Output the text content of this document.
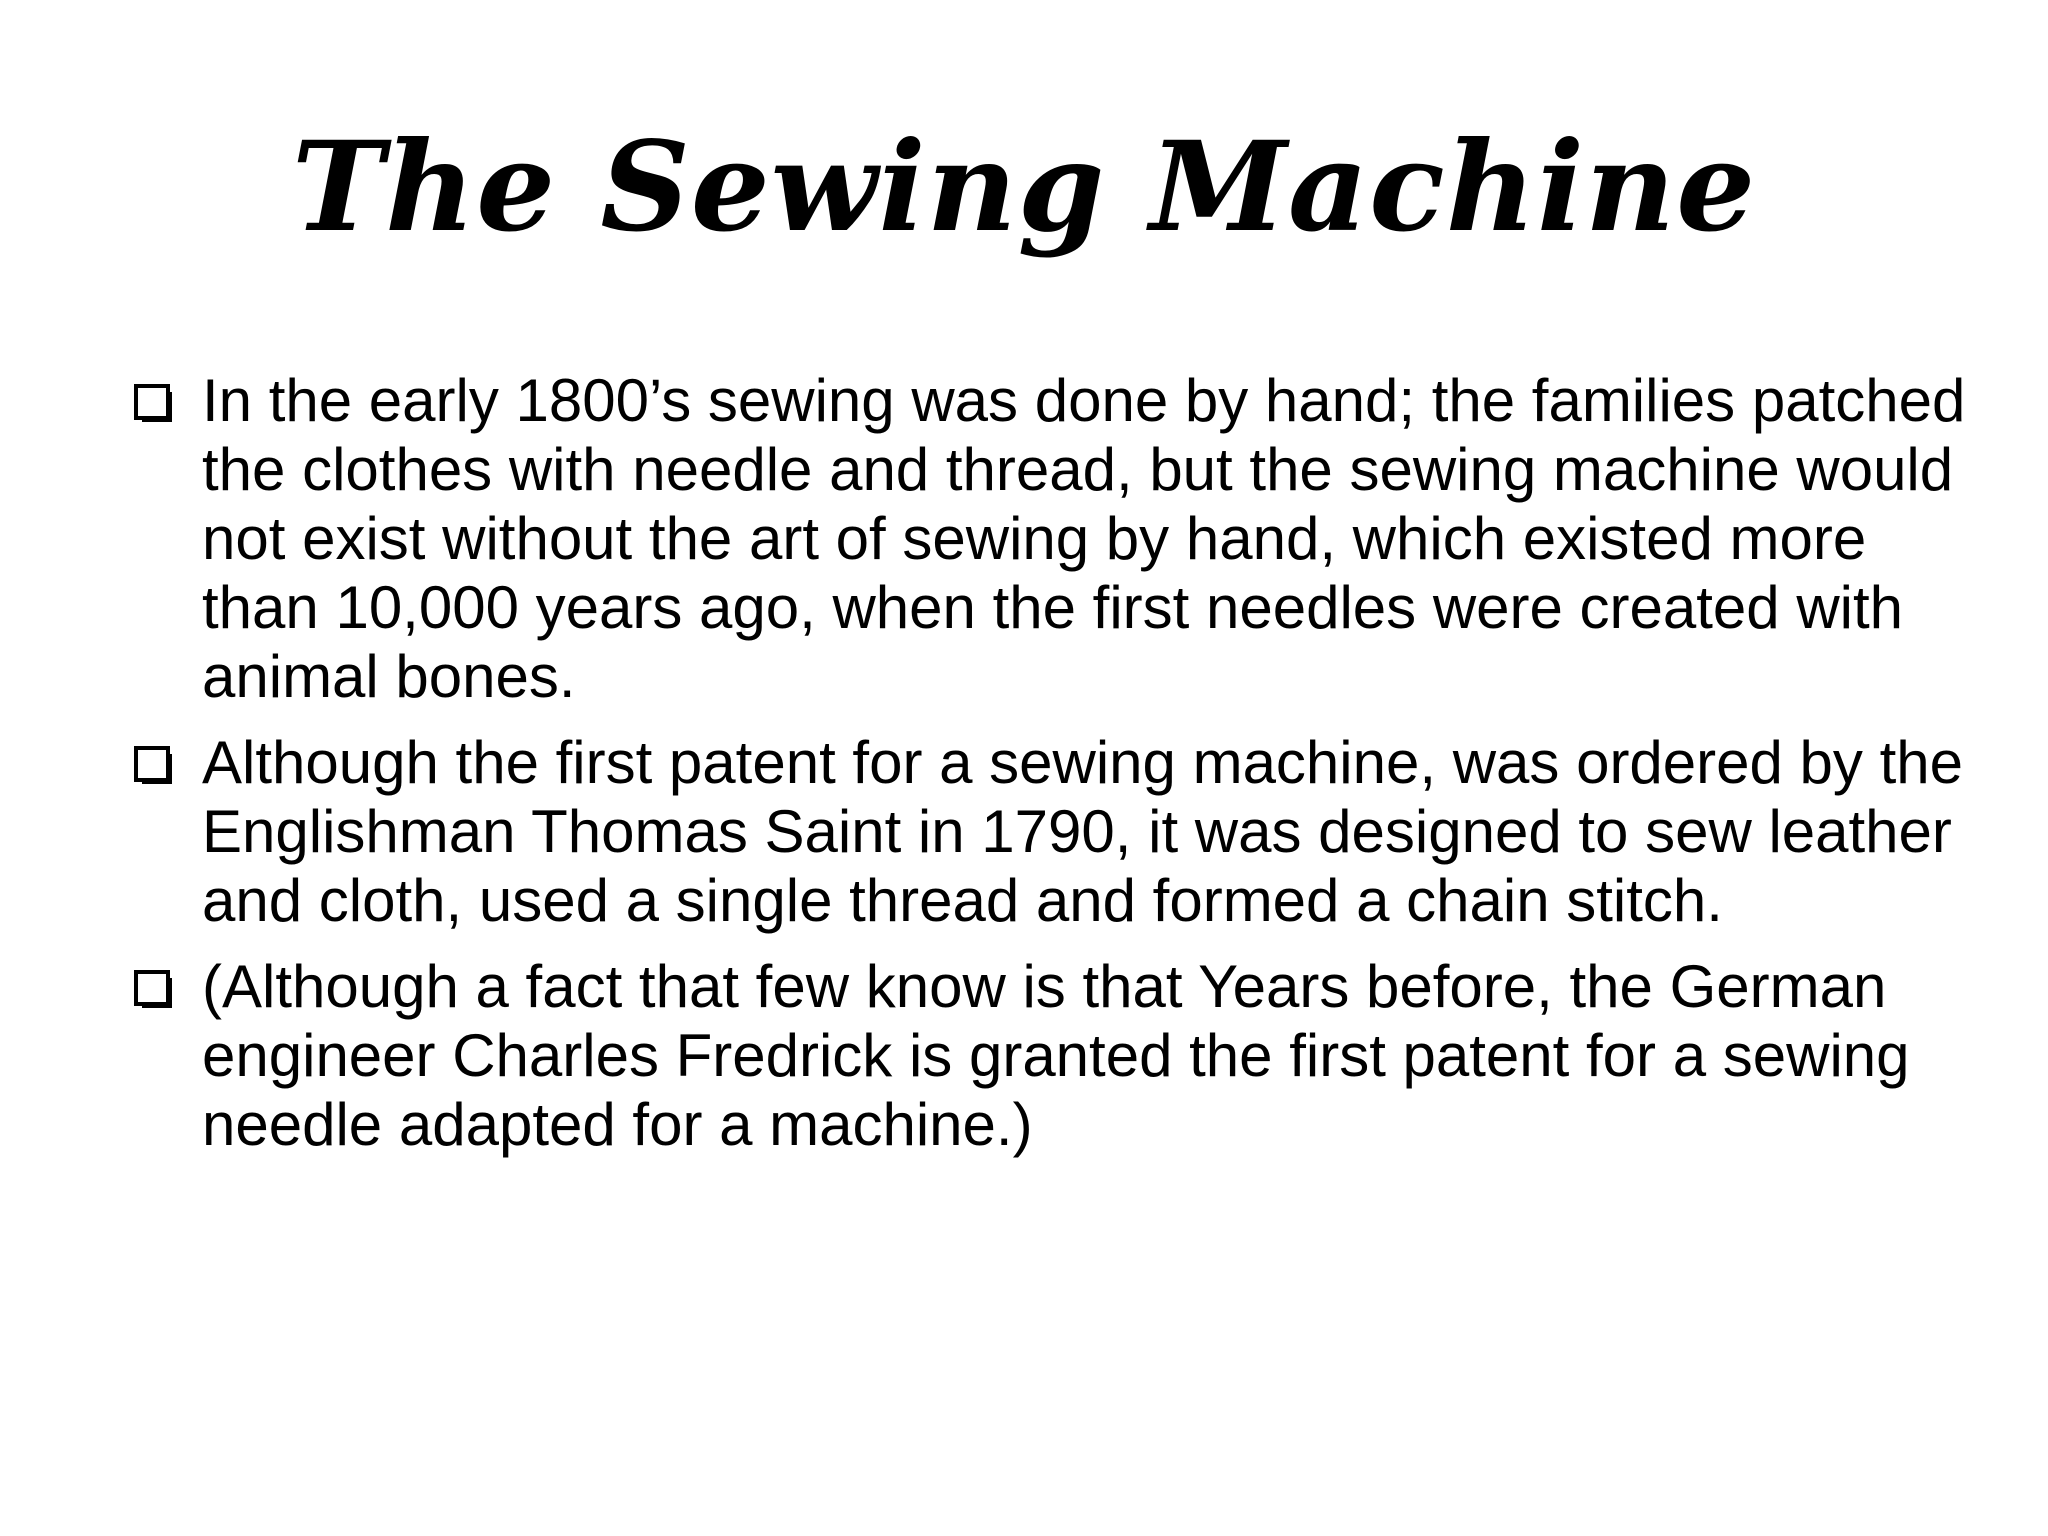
The Sewing Machine
In the early 1800’s sewing was done by hand; the families patched the clothes with needle and thread, but the sewing machine would not exist without the art of sewing by hand, which existed more than 10,000 years ago, when the first needles were created with animal bones.
Although the first patent for a sewing machine, was ordered by the Englishman Thomas Saint in 1790, it was designed to sew leather and cloth, used a single thread and formed a chain stitch.
(Although a fact that few know is that Years before, the German engineer Charles Fredrick is granted the first patent for a sewing needle adapted for a machine.)
